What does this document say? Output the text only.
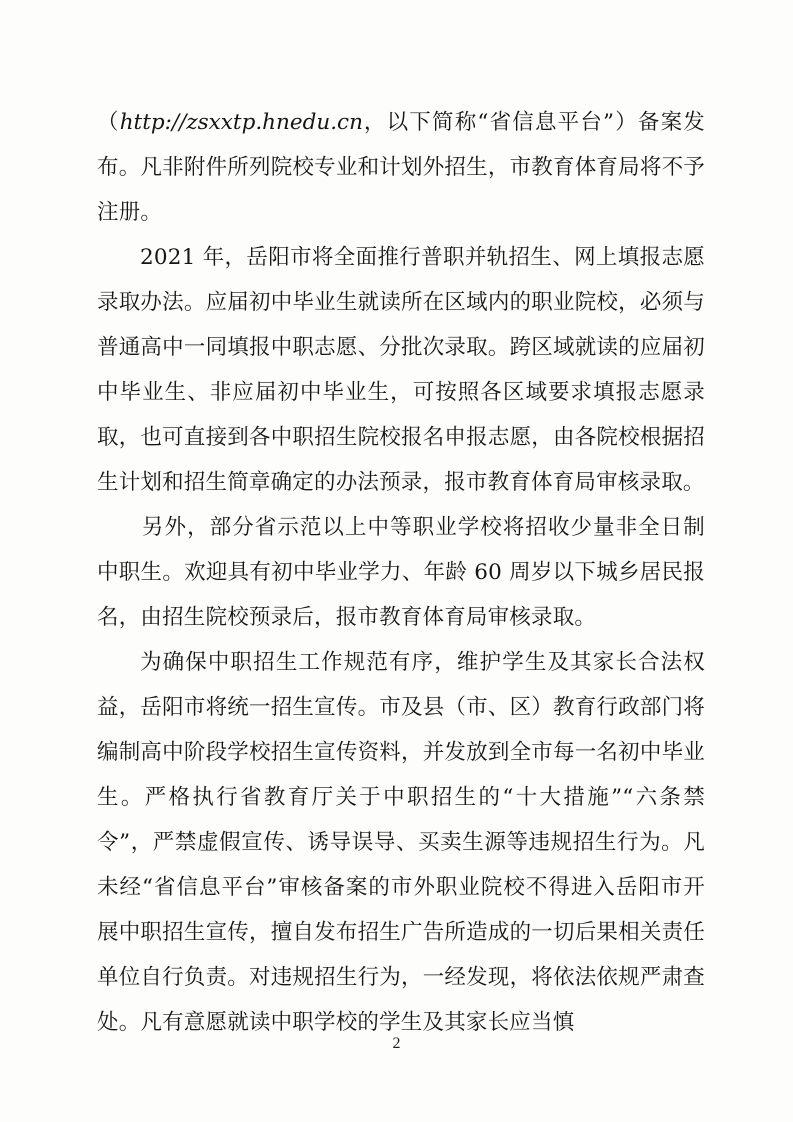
（http://zsxxtp.hnedu.cn，以下简称“省信息平台”）备案发布。凡非附件所列院校专业和计划外招生，市教育体育局将不予注册。

2021 年，岳阳市将全面推行普职并轨招生、网上填报志愿录取办法。应届初中毕业生就读所在区域内的职业院校，必须与普通高中一同填报中职志愿、分批次录取。跨区域就读的应届初中毕业生、非应届初中毕业生，可按照各区域要求填报志愿录取，也可直接到各中职招生院校报名申报志愿，由各院校根据招生计划和招生简章确定的办法预录，报市教育体育局审核录取。

另外，部分省示范以上中等职业学校将招收少量非全日制中职生。欢迎具有初中毕业学力、年龄 60 周岁以下城乡居民报名，由招生院校预录后，报市教育体育局审核录取。

为确保中职招生工作规范有序，维护学生及其家长合法权益，岳阳市将统一招生宣传。市及县（市、区）教育行政部门将编制高中阶段学校招生宣传资料，并发放到全市每一名初中毕业生。严格执行省教育厅关于中职招生的“十大措施”“六条禁令”，严禁虚假宣传、诱导误导、买卖生源等违规招生行为。凡未经“省信息平台”审核备案的市外职业院校不得进入岳阳市开展中职招生宣传，擅自发布招生广告所造成的一切后果相关责任单位自行负责。对违规招生行为，一经发现，将依法依规严肃查处。凡有意愿就读中职学校的学生及其家长应当慎

2
